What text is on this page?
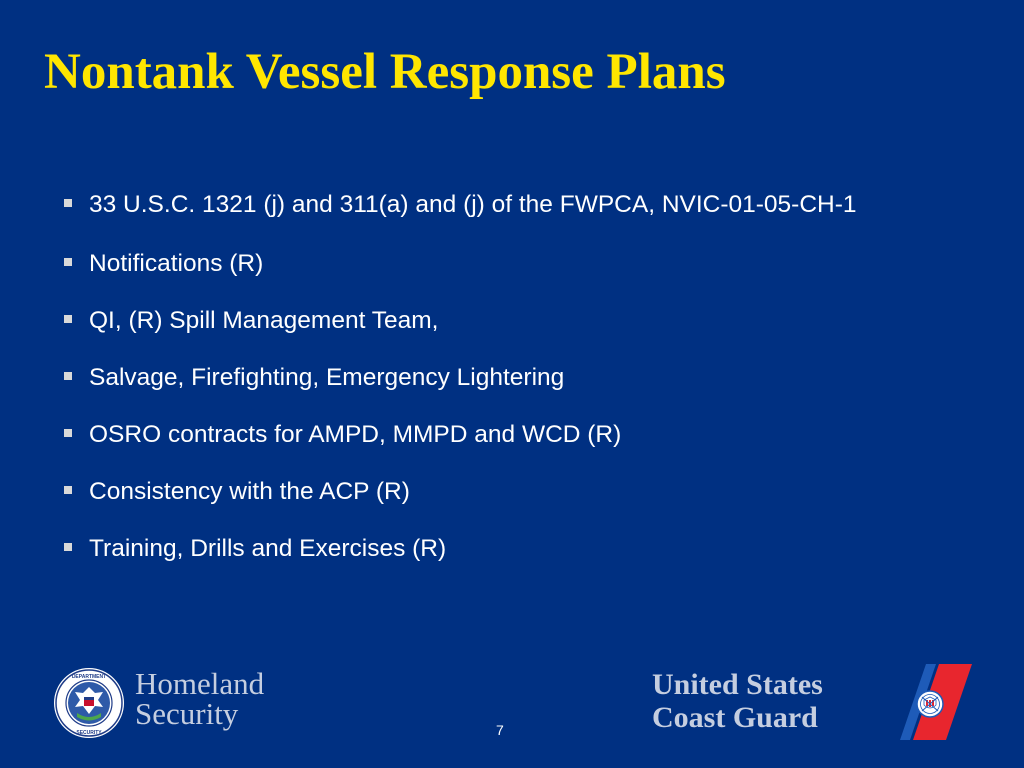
Nontank Vessel Response Plans
33 U.S.C. 1321 (j) and 311(a) and (j) of the FWPCA, NVIC-01-05-CH-1
Notifications (R)
QI, (R) Spill Management Team,
Salvage, Firefighting, Emergency Lightering
OSRO contracts for AMPD, MMPD and WCD (R)
Consistency with the ACP (R)
Training, Drills and Exercises (R)
DEPARTMENT
SECURITY
Homeland
Security	7
United States
Coast Guard
